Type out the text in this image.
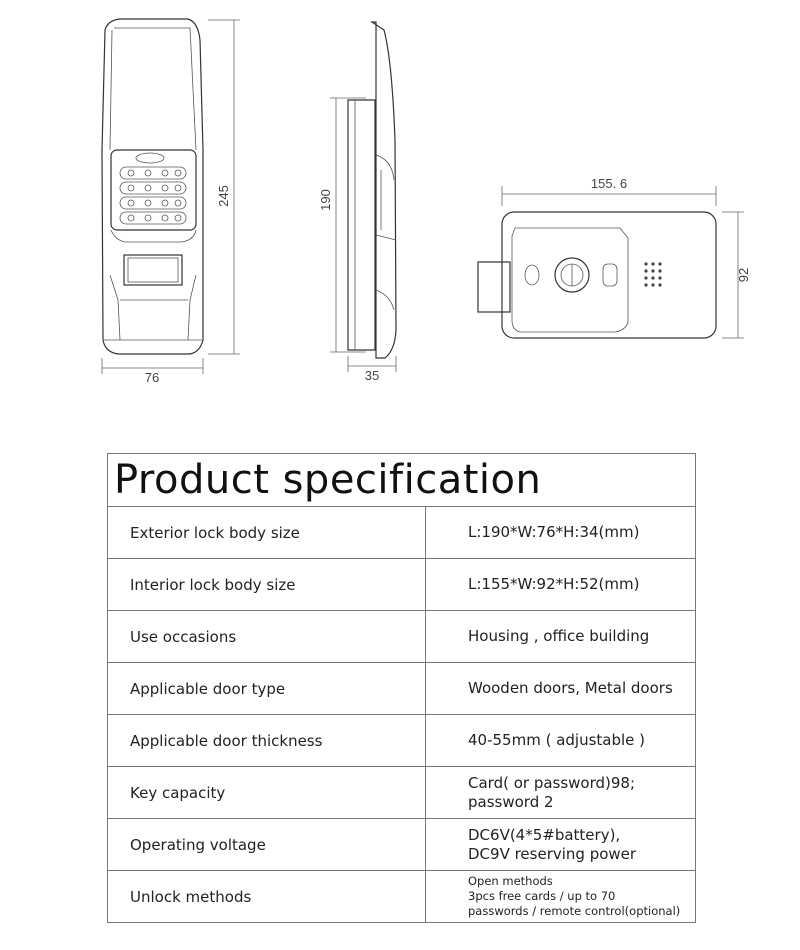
245
76
190
35
155. 6
92
Product specification	
Exterior lock body size	L:190*W:76*H:34(mm)
Interior lock body size	L:155*W:92*H:52(mm)
Use occasions	Housing , office building
Applicable door type	Wooden doors, Metal doors
Applicable door thickness	40-55mm ( adjustable )
Key capacity	Card( or password)98;
password 2

Operating voltage	DC6V(4*5#battery),
DC9V reserving power

Unlock methods	Open methods
3pcs free cards / up to 70
passwords / remote control(optional)
